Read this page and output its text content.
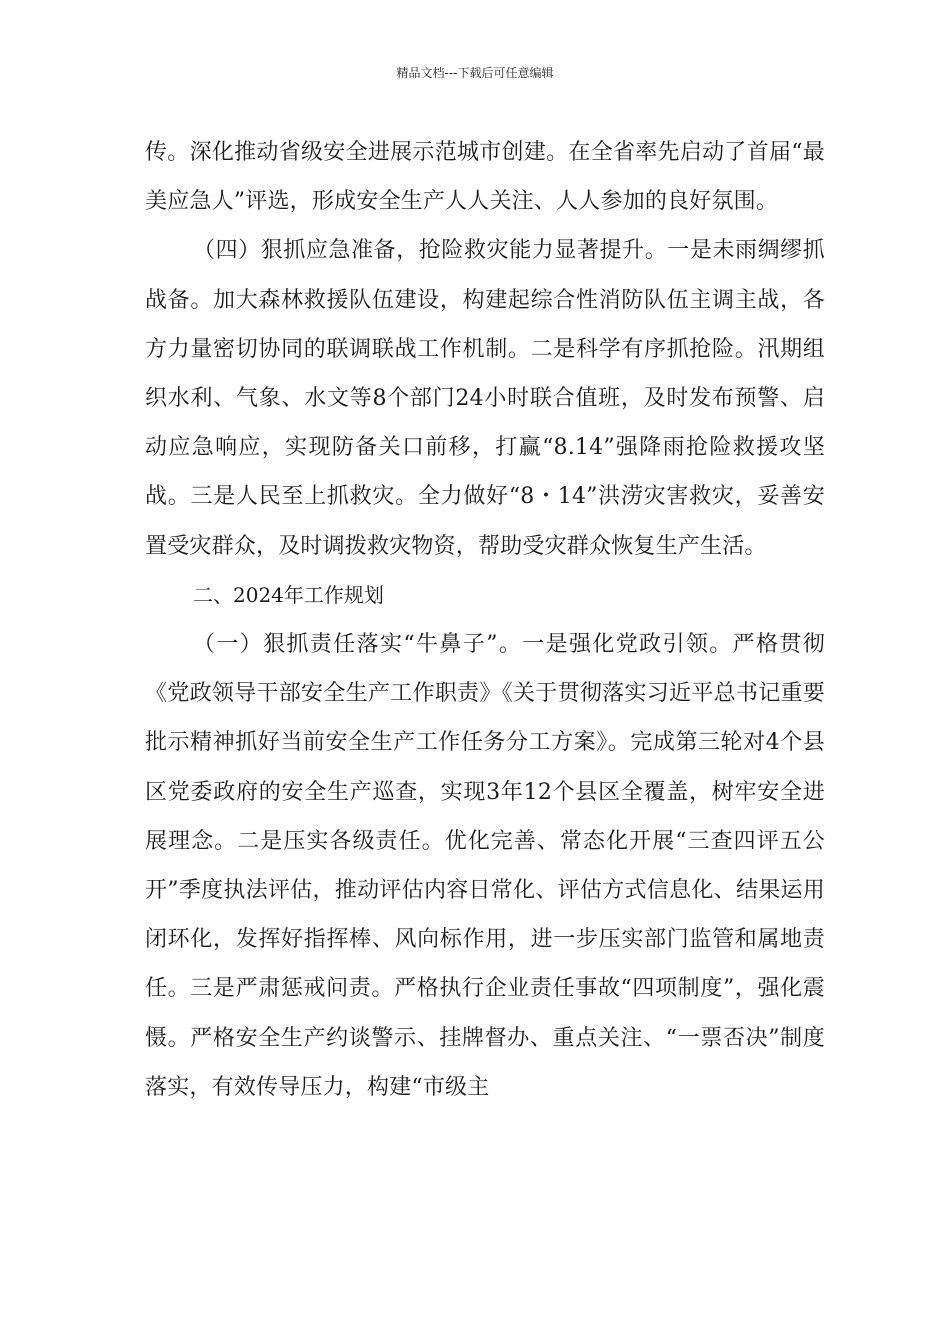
精品文档---下载后可任意编辑

传。深化推动省级安全进展示范城市创建。在全省率先启动了首届“最美应急人”评选，形成安全生产人人关注、人人参加的良好氛围。

（四）狠抓应急准备，抢险救灾能力显著提升。一是未雨绸缪抓战备。加大森林救援队伍建设，构建起综合性消防队伍主调主战，各方力量密切协同的联调联战工作机制。二是科学有序抓抢险。汛期组织水利、气象、水文等8个部门24小时联合值班，及时发布预警、启动应急响应，实现防备关口前移，打赢“8.14”强降雨抢险救援攻坚战。三是人民至上抓救灾。全力做好“8・14”洪涝灾害救灾，妥善安置受灾群众，及时调拨救灾物资，帮助受灾群众恢复生产生活。

二、2024年工作规划

（一）狠抓责任落实“牛鼻子”。一是强化党政引领。严格贯彻《党政领导干部安全生产工作职责》《关于贯彻落实习近平总书记重要批示精神抓好当前安全生产工作任务分工方案》。完成第三轮对4个县区党委政府的安全生产巡查，实现3年12个县区全覆盖，树牢安全进展理念。二是压实各级责任。优化完善、常态化开展“三查四评五公开”季度执法评估，推动评估内容日常化、评估方式信息化、结果运用闭环化，发挥好指挥棒、风向标作用，进一步压实部门监管和属地责任。三是严肃惩戒问责。严格执行企业责任事故“四项制度”，强化震慑。严格安全生产约谈警示、挂牌督办、重点关注、“一票否决”制度落实，有效传导压力，构建“市级主
